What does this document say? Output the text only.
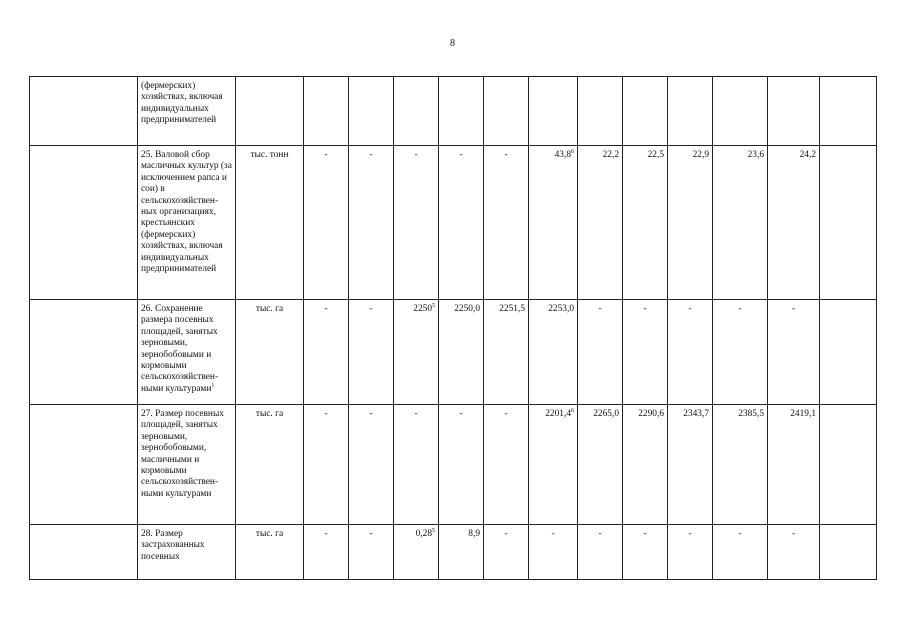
8
	(фермерских) хозяйствах, включая индивидуальных предпринимателей														
	25. Валовой сбор масличных культур (за исключением рапса и сои) в сельскохозяйствен-ных организациях, крестьянских (фермерских) хозяйствах, включая индивидуальных предпринимателей	тыс. тонн	-	-	-	-	-	43,8$^6$	22,2	22,5	22,9	23,6	24,2		
	26. Сохранение размера посевных площадей, занятых зерновыми, зернобобовыми и кормовыми сельскохозяйствен-ными культурами$^1$	тыс. га	-	-	2250$^5$	2250,0	2251,5	2253,0	-	-	-	-	-		
	27. Размер посевных площадей, занятых зерновыми, зернобобовыми, масличными и кормовыми сельскохозяйствен-ными культурами	тыс. га	-	-	-	-	-	2201,4$^6$	2265,0	2290,6	2343,7	2385,5	2419,1		
	28. Размер застрахованных посевных	тыс. га	-	-	0,28$^5$	8,9	-	-	-	-	-	-	-		
